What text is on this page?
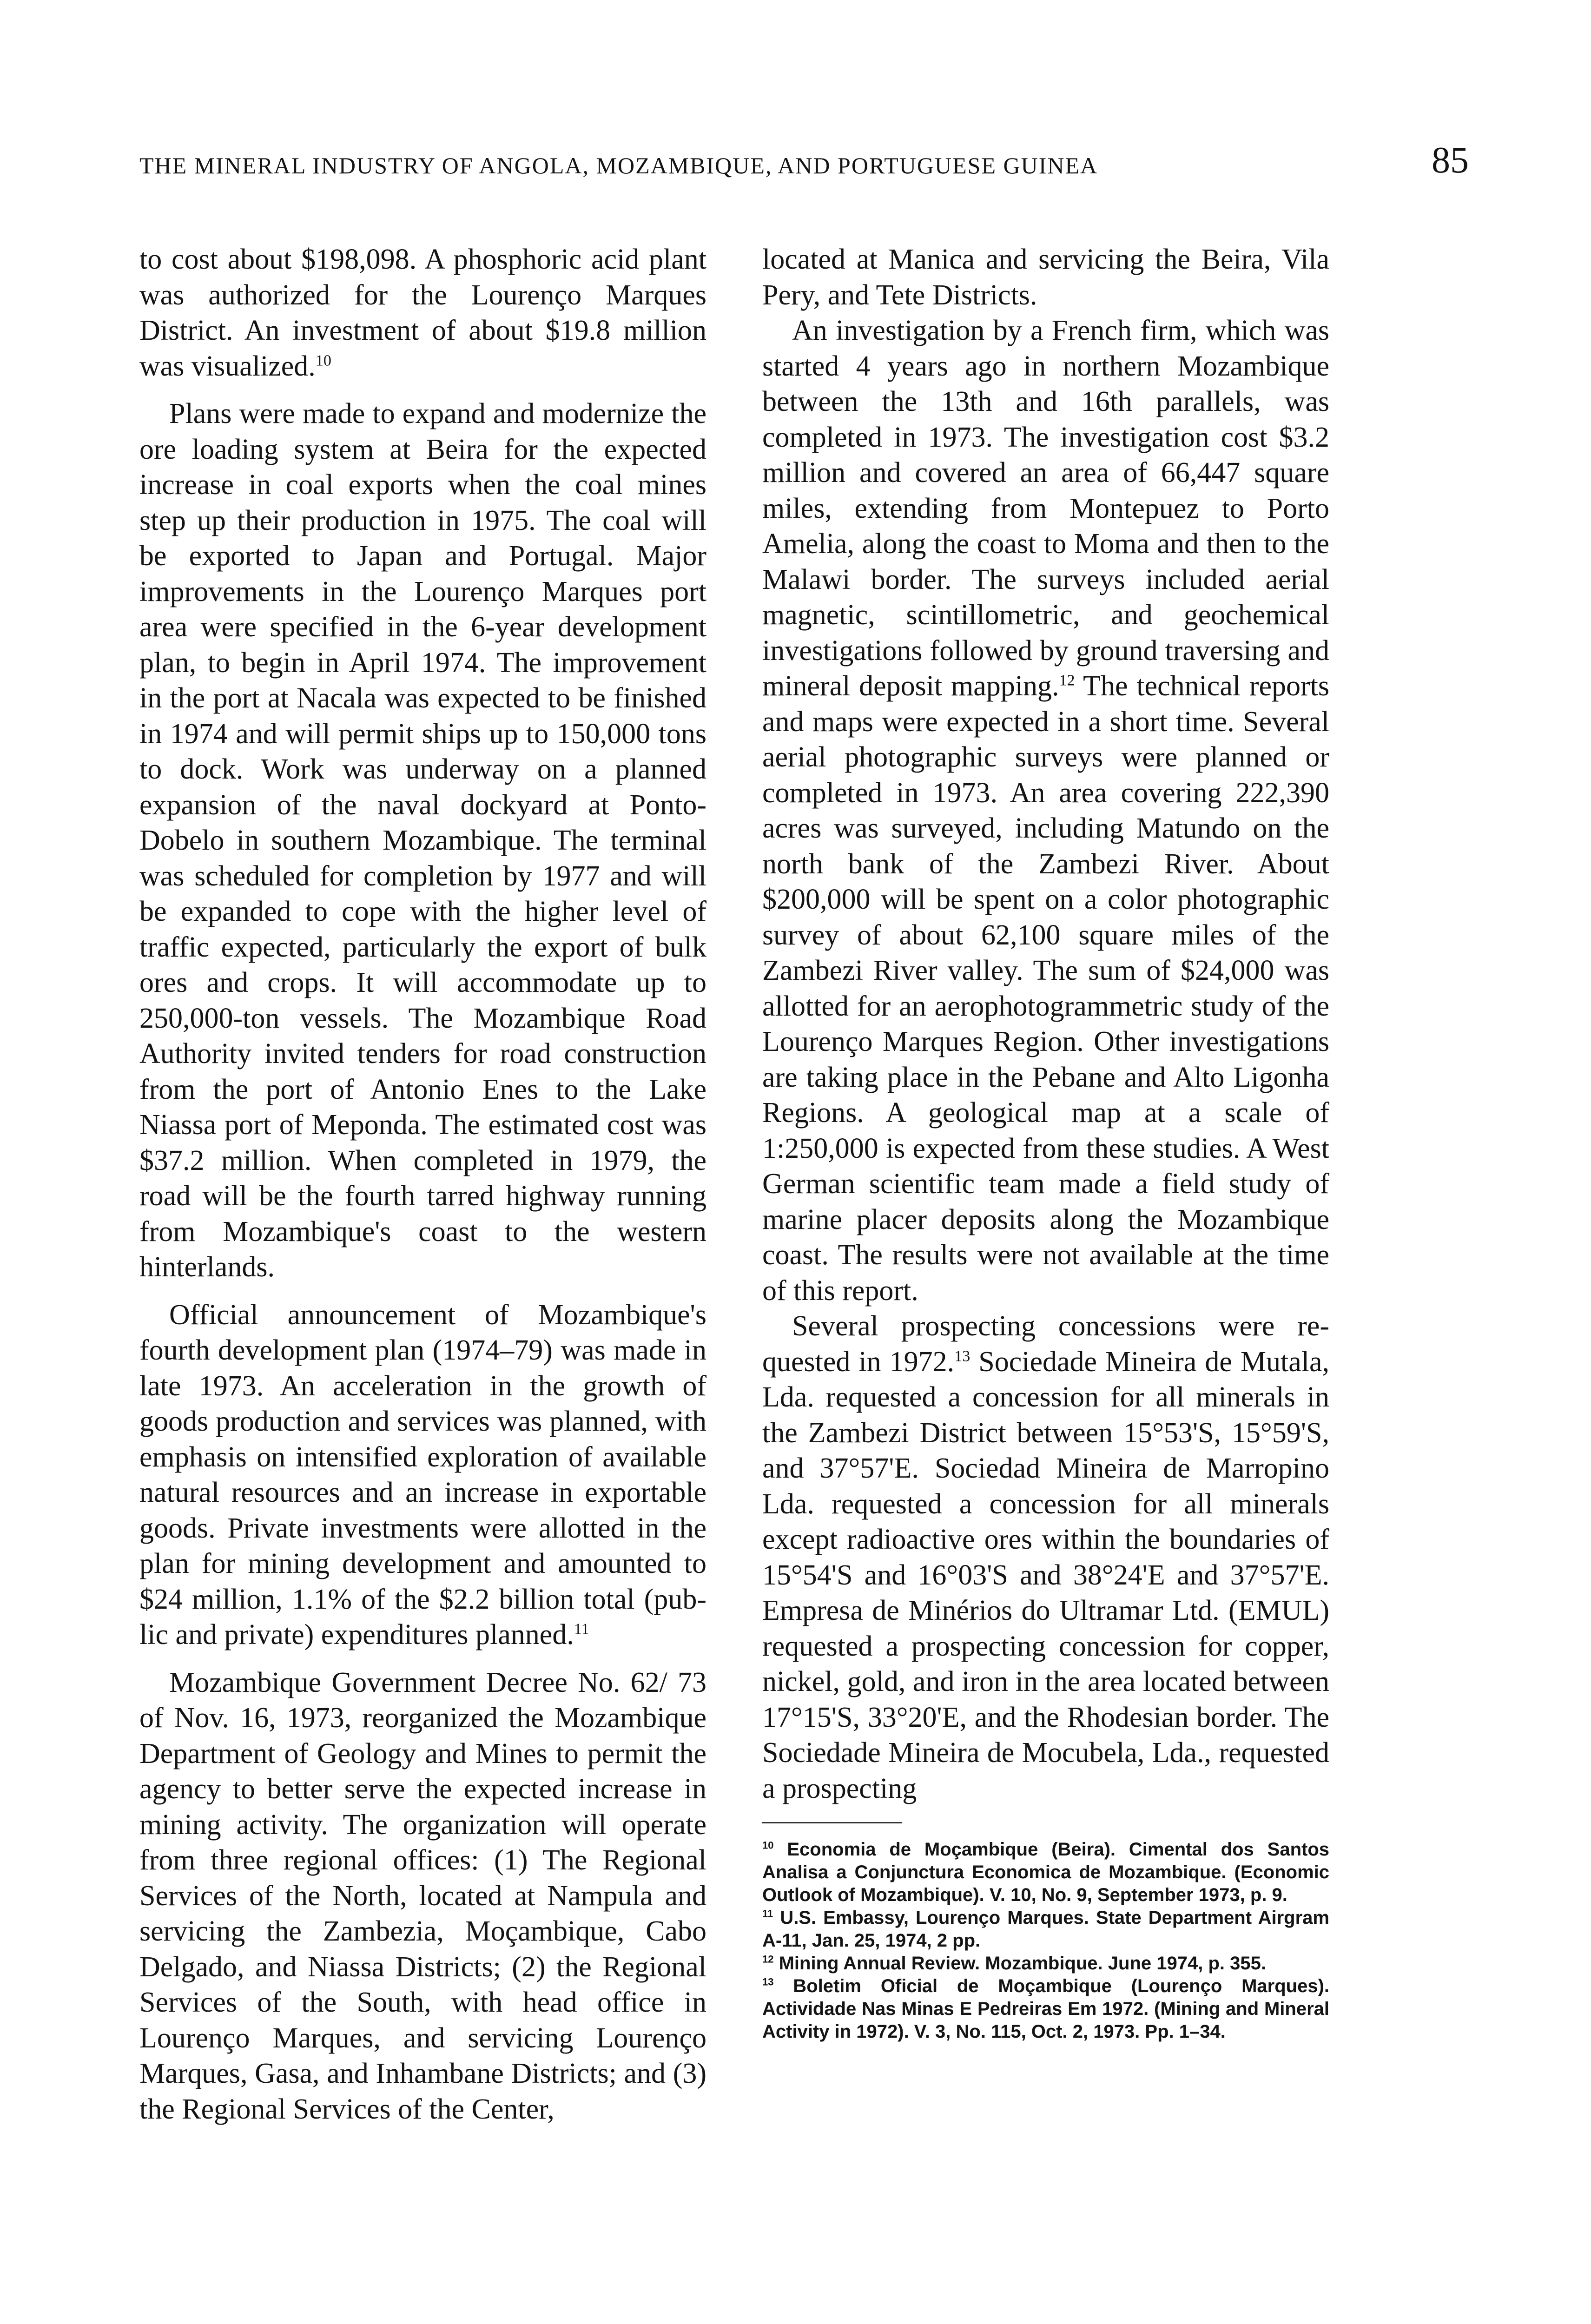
THE MINERAL INDUSTRY OF ANGOLA, MOZAMBIQUE, AND PORTUGUESE GUINEA	85

to cost about $198,098. A phosphoric acid plant was authorized for the Lourenço Marques District. An investment of about $19.8 million was visualized.$^{10}$

Plans were made to expand and modernize the ore loading system at Beira for the expected increase in coal exports when the coal mines step up their production in 1975. The coal will be exported to Japan and Portugal. Major improvements in the Lourenço Marques port area were specified in the 6-year development plan, to begin in April 1974. The improvement in the port at Nacala was expected to be finished in 1974 and will permit ships up to 150,000 tons to dock. Work was underway on a planned expansion of the naval dockyard at Ponto-Dobelo in southern Mozambique. The terminal was scheduled for completion by 1977 and will be expanded to cope with the higher level of traffic expected, particularly the export of bulk ores and crops. It will accommodate up to 250,000-ton vessels. The Mozambique Road Authority invited tenders for road construction from the port of Antonio Enes to the Lake Niassa port of Meponda. The estimated cost was $37.2 million. When completed in 1979, the road will be the fourth tarred highway running from Mozambique's coast to the western hinterlands.

Official announcement of Mozambique's fourth development plan (1974–79) was made in late 1973. An acceleration in the growth of goods production and services was planned, with emphasis on intensified exploration of available natural resources and an increase in exportable goods. Private investments were allotted in the plan for mining development and amounted to $24 million, 1.1% of the $2.2 billion total (public and private) expenditures planned.$^{11}$

Mozambique Government Decree No. 62/ 73 of Nov. 16, 1973, reorganized the Mozambique Department of Geology and Mines to permit the agency to better serve the expected increase in mining activity. The organization will operate from three regional offices: (1) The Regional Services of the North, located at Nampula and servicing the Zambezia, Moçambique, Cabo Delgado, and Niassa Districts; (2) the Regional Services of the South, with head office in Lourenço Marques, and servicing Lourenço Marques, Gasa, and Inhambane Districts; and (3) the Regional Services of the Center,

located at Manica and servicing the Beira, Vila Pery, and Tete Districts.

An investigation by a French firm, which was started 4 years ago in northern Mozambique between the 13th and 16th parallels, was completed in 1973. The investigation cost $3.2 million and covered an area of 66,447 square miles, extending from Montepuez to Porto Amelia, along the coast to Moma and then to the Malawi border. The surveys included aerial magnetic, scintillometric, and geochemical investigations followed by ground traversing and mineral deposit mapping.$^{12}$ The technical reports and maps were expected in a short time. Several aerial photographic surveys were planned or completed in 1973. An area covering 222,390 acres was surveyed, including Matundo on the north bank of the Zambezi River. About $200,000 will be spent on a color photographic survey of about 62,100 square miles of the Zambezi River valley. The sum of $24,000 was allotted for an aerophotogrammetric study of the Lourenço Marques Region. Other investigations are taking place in the Pebane and Alto Ligonha Regions. A geological map at a scale of 1:250,000 is expected from these studies. A West German scientific team made a field study of marine placer deposits along the Mozambique coast. The results were not available at the time of this report.

Several prospecting concessions were requested in 1972.13 Sociedade Mineira de Mutala, Lda. requested a concession for all minerals in the Zambezi District between 15°53'S, 15°59'S, and 37°57'E. Sociedad Mineira de Marropino Lda. requested a concession for all minerals except radioactive ores within the boundaries of 15°54'S and 16°03'S and 38°24'E and 37°57'E. Empresa de Minérios do Ultramar Ltd. (EMUL) requested a prospecting concession for copper, nickel, gold, and iron in the area located between 17°15'S, 33°20'E, and the Rhodesian border. The Sociedade Mineira de Mocubela, Lda., requested a prospecting

$^{10}$ Economia de Moçambique (Beira). Cimental dos Santos Analisa a Conjunctura Economica de Mozambique. (Economic Outlook of Mozambique). V. 10, No. 9, September 1973, p. 9.

$^{11}$ U.S. Embassy, Lourenço Marques. State Department Airgram A-11, Jan. 25, 1974, 2 pp.

$^{12}$ Mining Annual Review. Mozambique. June 1974, p. 355.

$^{13}$ Boletim Oficial de Moçambique (Lourenço Marques). Actividade Nas Minas E Pedreiras Em 1972. (Mining and Mineral Activity in 1972). V. 3, No. 115, Oct. 2, 1973. Pp. 1–34.
